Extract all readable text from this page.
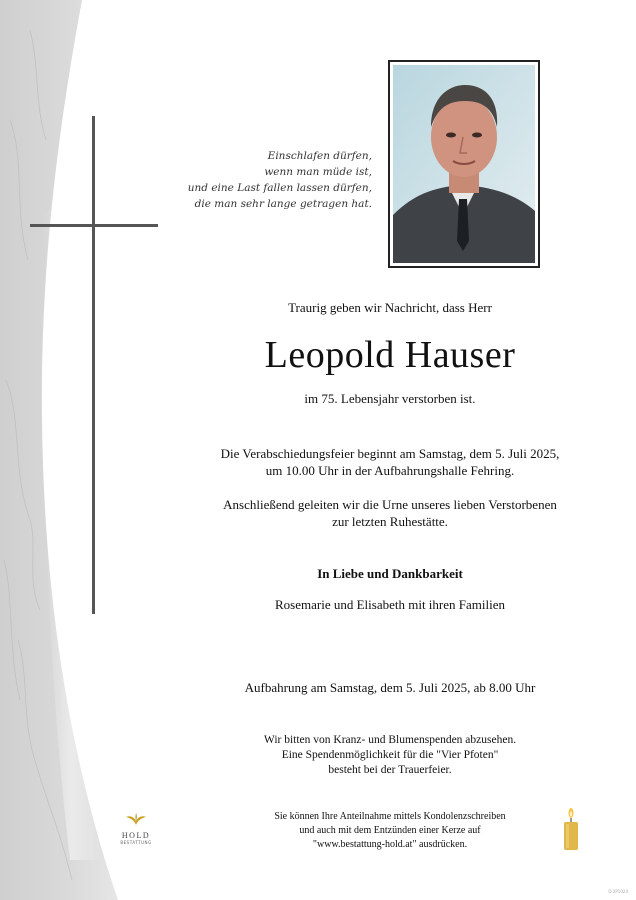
Einschlafen dürfen,
wenn man müde ist,
und eine Last fallen lassen dürfen,
die man sehr lange getragen hat.
Traurig geben wir Nachricht, dass Herr
Leopold Hauser
im 75. Lebensjahr verstorben ist.
Die Verabschiedungsfeier beginnt am Samstag, dem 5. Juli 2025,
um 10.00 Uhr in der Aufbahrungshalle Fehring.
Anschließend geleiten wir die Urne unseres lieben Verstorbenen
zur letzten Ruhestätte.
In Liebe und Dankbarkeit
Rosemarie und Elisabeth mit ihren Familien
Aufbahrung am Samstag, dem 5. Juli 2025, ab 8.00 Uhr
Wir bitten von Kranz- und Blumenspenden abzusehen.
Eine Spendenmöglichkeit für die "Vier Pfoten"
besteht bei der Trauerfeier.
Sie können Ihre Anteilnahme mittels Kondolenzschreiben
und auch mit dem Entzünden einer Kerze auf
"www.bestattung-hold.at" ausdrücken.
HOLD
BESTATTUNG
D-2P1024
